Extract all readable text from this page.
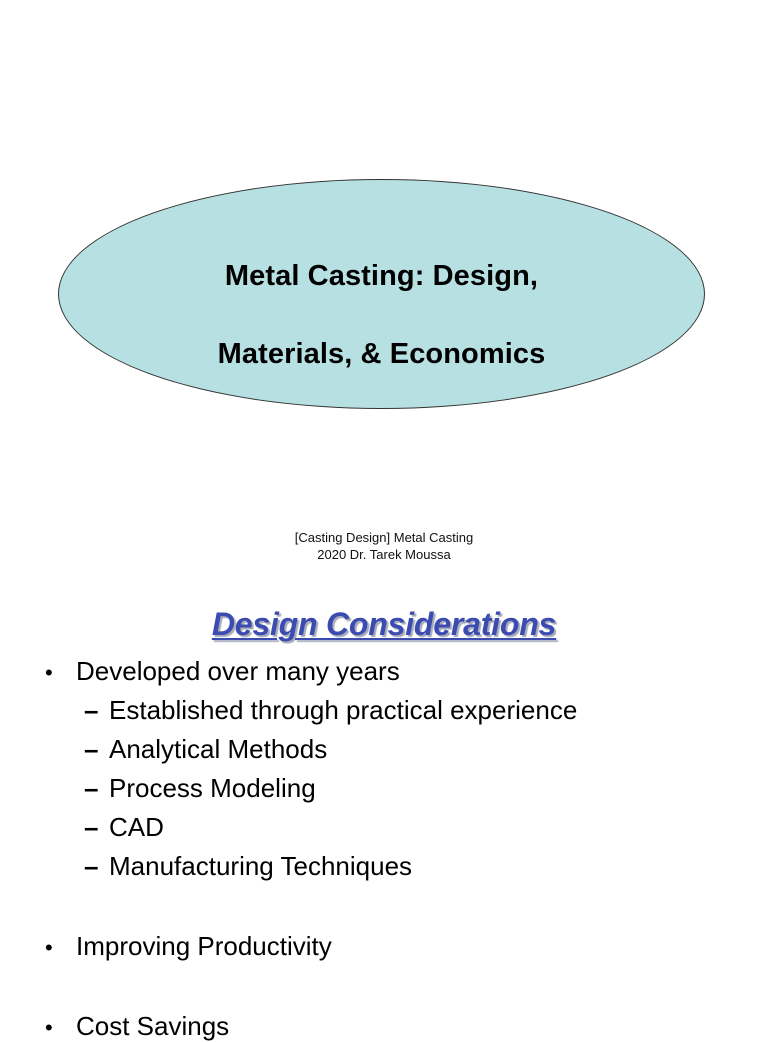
Metal Casting: Design,

Materials, & Economics

[Casting Design] Metal Casting
2020 Dr. Tarek Moussa
Design Considerations
• Developed over many years
– Established through practical experience
– Analytical Methods
– Process Modeling
– CAD
– Manufacturing Techniques
• Improving Productivity
• Cost Savings
